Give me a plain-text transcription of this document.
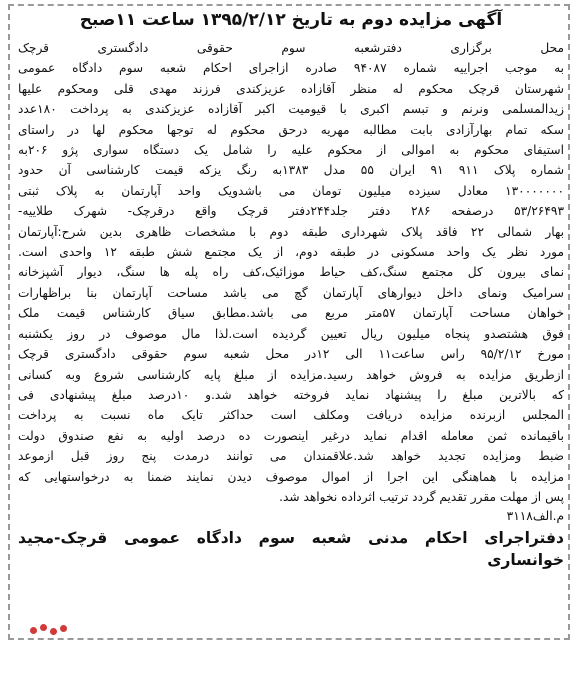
آگهی مزایده دوم به تاریخ ۱۳۹۵/۲/۱۲ ساعت ۱۱صبح
محل برگزاری دفترشعبه سوم حقوقی دادگستری قرچک
به موجب اجراییه شماره ۹۴۰۸۷ صادره ازاجرای احکام شعبه سوم دادگاه عمومی
شهرستان قرچک محکوم له منظر آقازاده عزیزکندی فرزند مهدی قلی ومحکوم علیها
زیدالمسلمی ونرنم و تبسم اکبری با قیومیت اکبر آقازاده عزیزکندی به پرداخت ۱۸۰عدد
سکه تمام بهارآزادی بابت مطالبه مهریه درحق محکوم له توجها محکوم لها در راستای
استیفای محکوم به اموالی از محکوم علیه را شامل یک دستگاه سواری پژو ۲۰۶به
شماره پلاک ۹۱۱ ۹۱ ایران ۵۵ مدل ۱۳۸۳به رنگ یزکه قیمت کارشناسی آن حدود
۱۳۰۰۰۰۰۰۰ معادل سیزده میلیون تومان می باشدویک واحد آپارتمان به پلاک ثبتی
۵۳/۲۶۴۹۳ درصفحه ۲۸۶ دفتر جلد۲۴۴دفتر قرچک واقع درقرچک- شهرک طلاییه-
بهار شمالی ۲۲ فاقد پلاک شهرداری طبقه دوم با مشخصات ظاهری بدین شرح:آپارتمان
مورد نظر یک واحد مسکونی در طبقه دوم، از یک مجتمع شش طبقه ۱۲ واحدی است.
نمای بیرون کل مجتمع سنگ،کف حیاط موزائیک،کف راه پله ها سنگ، دیوار آشپزخانه
سرامیک ونمای داخل دیوارهای آپارتمان گچ می باشد مساحت آپارتمان بنا براظهارات
خواهان مساحت آپارتمان ۵۷متر مربع می باشد.مطابق سیاق کارشناس قیمت ملک
فوق هشتصدو پنجاه میلیون ریال تعیین گردیده است.لذا مال موصوف در روز یکشنبه
مورخ ۹۵/۲/۱۲ راس ساعت۱۱ الی ۱۲در محل شعبه سوم حقوقی دادگستری قرچک
ازطریق مزایده به فروش خواهد رسید.مزایده از مبلغ پایه کارشناسی شروع وبه کسانی
که بالاترین مبلغ را پیشنهاد نماید فروخته خواهد شد.و ۱۰درصد مبلغ پیشنهادی فی
المجلس ازبرنده مزایده دریافت ومکلف است حداکثر تایک ماه نسبت به پرداخت
باقیمانده ثمن معامله اقدام نماید درغیر اینصورت ده درصد اولیه به نفع صندوق دولت
ضبط ومزایده تجدید خواهد شد.علاقمندان می توانند درمدت پنج روز قبل ازموعد
مزایده با هماهنگی این اجرا از اموال موصوف دیدن نمایند ضمنا به درخواستهایی که
پس از مهلت مقرر تقدیم گردد ترتیب اثرداده نخواهد شد.
م.الف۳۱۱۸
دفتراجرای احکام مدنی شعبه سوم دادگاه عمومی قرچک-مجید خوانساری
